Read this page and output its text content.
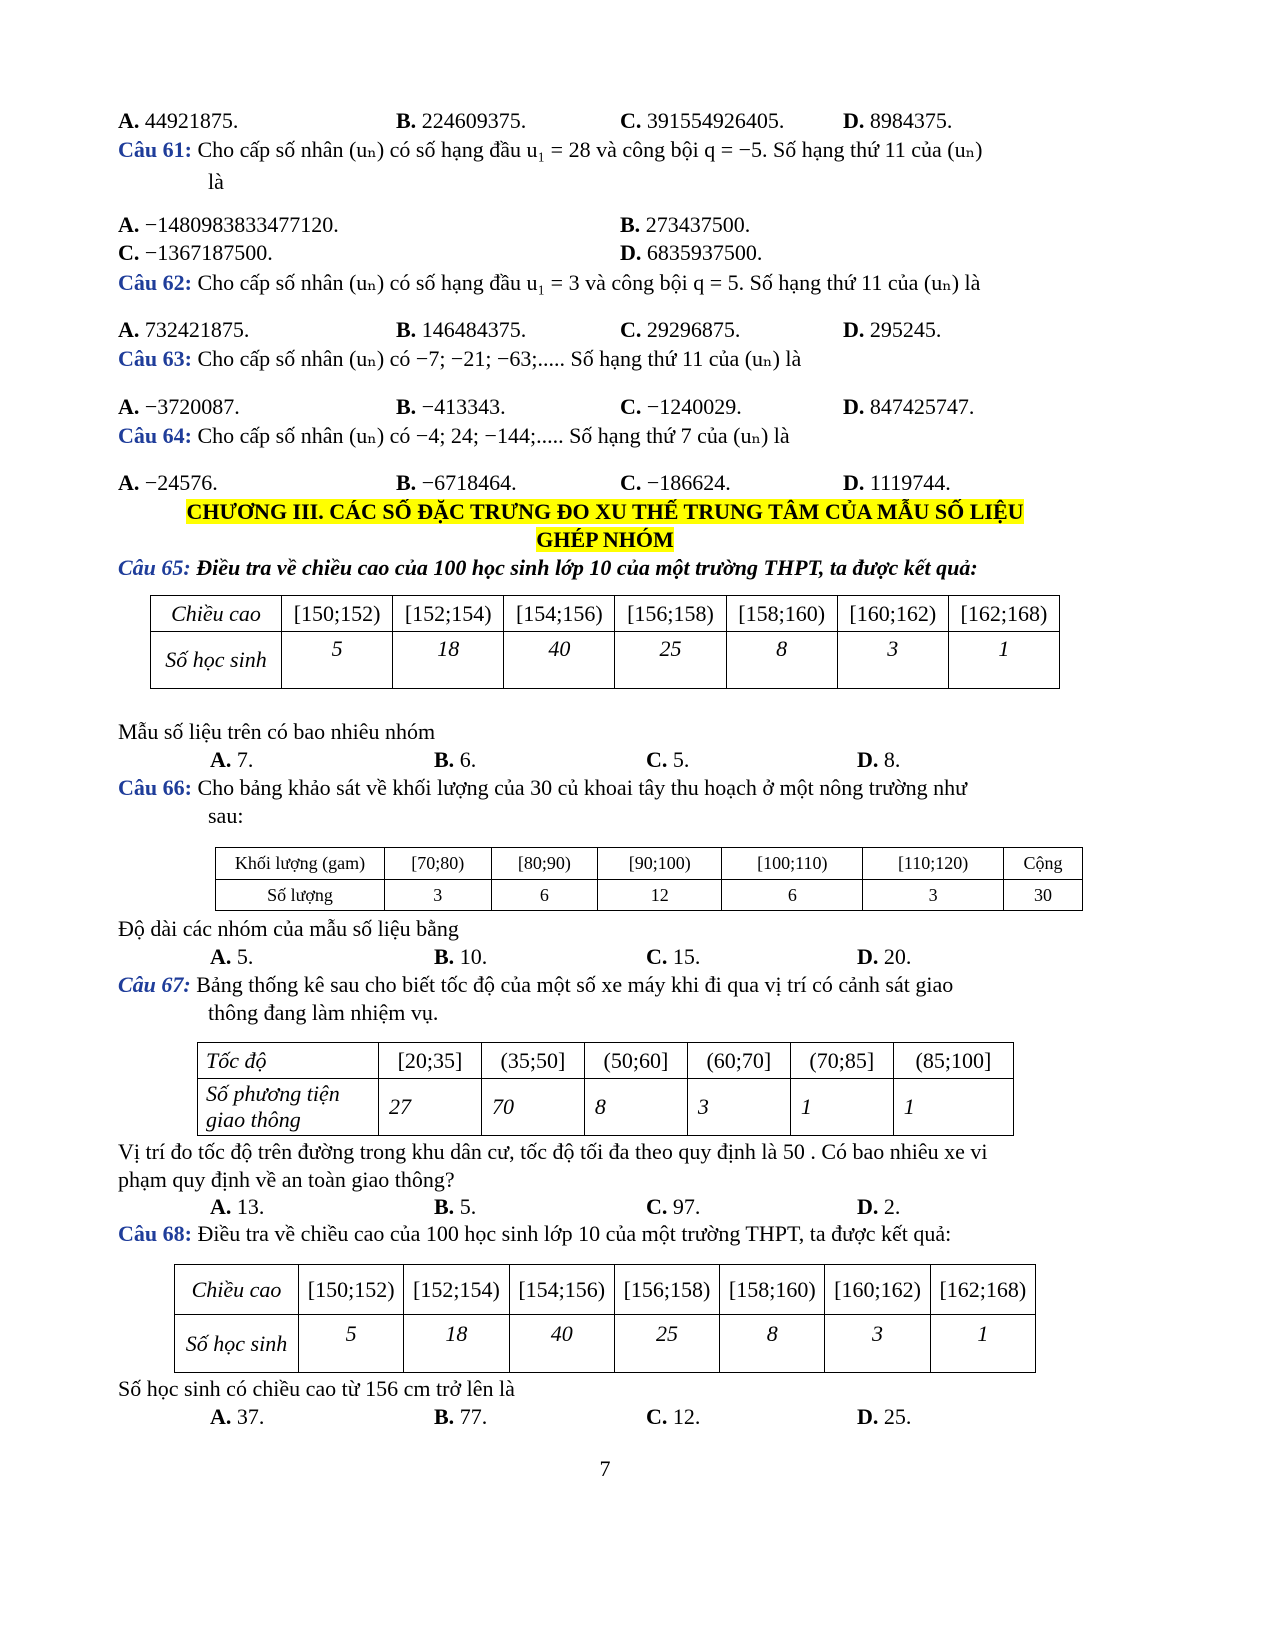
A. 44921875.	B. 224609375.	C. 391554926405.	D. 8984375.
Câu 61: Cho cấp số nhân (uₙ) có số hạng đầu u₁ = 28 và công bội q = −5. Số hạng thứ 11 của (uₙ)
là
A. −1480983833477120.	B. 273437500.
C. −1367187500.	D. 6835937500.
Câu 62: Cho cấp số nhân (uₙ) có số hạng đầu u₁ = 3 và công bội q = 5. Số hạng thứ 11 của (uₙ) là
A. 732421875.	B. 146484375.	C. 29296875.	D. 295245.
Câu 63: Cho cấp số nhân (uₙ) có −7; −21; −63;..... Số hạng thứ 11 của (uₙ) là
A. −3720087.	B. −413343.	C. −1240029.	D. 847425747.
Câu 64: Cho cấp số nhân (uₙ) có −4; 24; −144;..... Số hạng thứ 7 của (uₙ) là
A. −24576.	B. −6718464.	C. −186624.	D. 1119744.
CHƯƠNG III. CÁC SỐ ĐẶC TRƯNG ĐO XU THẾ TRUNG TÂM CỦA MẪU SỐ LIỆU
GHÉP NHÓM
Câu 65: Điều tra về chiều cao của 100 học sinh lớp 10 của một trường THPT, ta được kết quả:
Chiều cao	[150;152)	[152;154)	[154;156)	[156;158)	[158;160)	[160;162)	[162;168)
Số học sinh	5	18	40	25	8	3	1
Mẫu số liệu trên có bao nhiêu nhóm
A. 7.	B. 6.	C. 5.	D. 8.
Câu 66: Cho bảng khảo sát về khối lượng của 30 củ khoai tây thu hoạch ở một nông trường như
sau:
Khối lượng (gam)	[70;80)	[80;90)	[90;100)	[100;110)	[110;120)	Cộng
Số lượng	3	6	12	6	3	30
Độ dài các nhóm của mẫu số liệu bằng
A. 5.	B. 10.	C. 15.	D. 20.
Câu 67: Bảng thống kê sau cho biết tốc độ của một số xe máy khi đi qua vị trí có cảnh sát giao
thông đang làm nhiệm vụ.
Tốc độ	[20;35]	(35;50]	(50;60]	(60;70]	(70;85]	(85;100]
Số phương tiện giao thông	27	70	8	3	1	1
Vị trí đo tốc độ trên đường trong khu dân cư, tốc độ tối đa theo quy định là 50 . Có bao nhiêu xe vi
phạm quy định về an toàn giao thông?
A. 13.	B. 5.	C. 97.	D. 2.
Câu 68: Điều tra về chiều cao của 100 học sinh lớp 10 của một trường THPT, ta được kết quả:
Chiều cao	[150;152)	[152;154)	[154;156)	[156;158)	[158;160)	[160;162)	[162;168)
Số học sinh	5	18	40	25	8	3	1
Số học sinh có chiều cao từ 156 cm trở lên là
A. 37.	B. 77.	C. 12.	D. 25.
7
